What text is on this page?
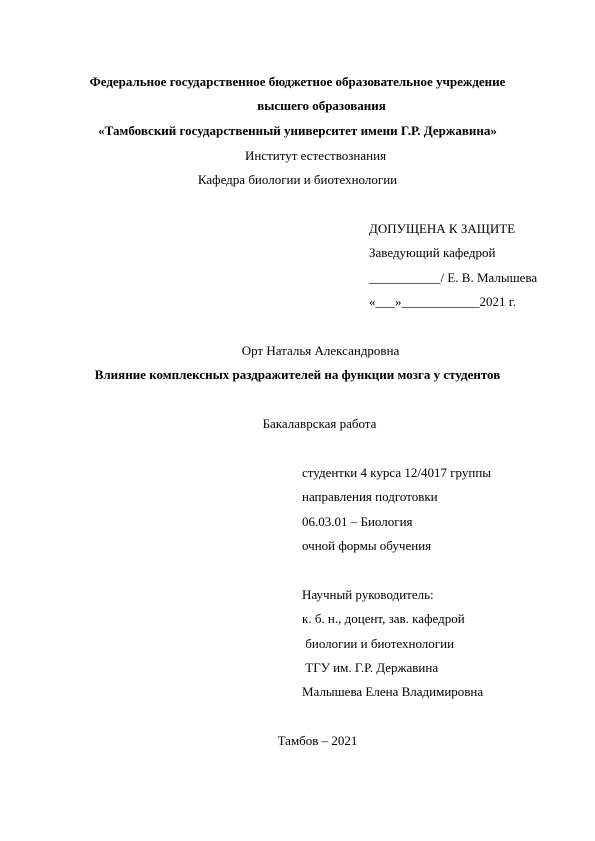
Федеральное государственное бюджетное образовательное учреждение
высшего образования
«Тамбовский государственный университет имени Г.Р. Державина»
Институт естествознания
Кафедра биологии и биотехнологии
ДОПУЩЕНА К ЗАЩИТЕ
Заведующий кафедрой
___________/ Е. В. Малышева
«___»____________2021 г.
Орт Наталья Александровна
Влияние комплексных раздражителей на функции мозга у студентов
Бакалаврская работа
студентки 4 курса 12/4017 группы
направления подготовки
06.03.01 – Биология
очной формы обучения
Научный руководитель:
к. б. н., доцент, зав. кафедрой
биологии и биотехнологии
ТГУ им. Г.Р. Державина
Малышева Елена Владимировна
Тамбов – 2021
